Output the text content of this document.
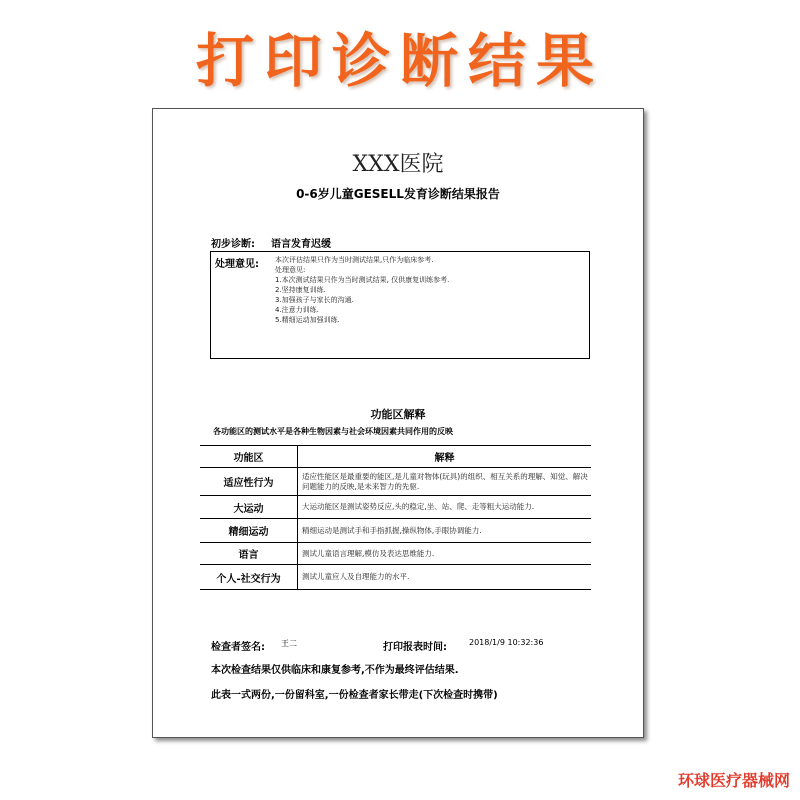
打印诊断结果
XXX医院
0-6岁儿童GESELL发育诊断结果报告
初步诊断: 语言发育迟缓
处理意见: 本次评估结果只作为当时测试结果,只作为临床参考.
处理意见:
1.本次测试结果只作为当时测试结果, 仅供康复训练参考.
2.坚持康复训练.
3.加强孩子与家长的沟通.
4.注意力训练.
5.精细运动加强训练.
功能区解释
各功能区的测试水平是各种生物因素与社会环境因素共同作用的反映
功能区	解释
适应性行为	适应性能区是最重要的能区,是儿童对物体(玩具)的组织、相互关系的理解、知觉、解决问题能力的反映,是未来智力的先驱.
大运动	大运动能区是测试姿势反应,头的稳定,坐、站、爬、走等粗大运动能力.
精细运动	精细运动是测试手和手指抓握,操纵物体,手眼协调能力.
语言	测试儿童语言理解,模仿及表达思维能力.
个人-社交行为	测试儿童应人及自理能力的水平.
检查者签名: 王二	打印报表时间:	2018/1/9 10:32:36
本次检查结果仅供临床和康复参考,不作为最终评估结果.
此表一式两份,一份留科室,一份检查者家长带走(下次检查时携带)
环球医疗器械网
